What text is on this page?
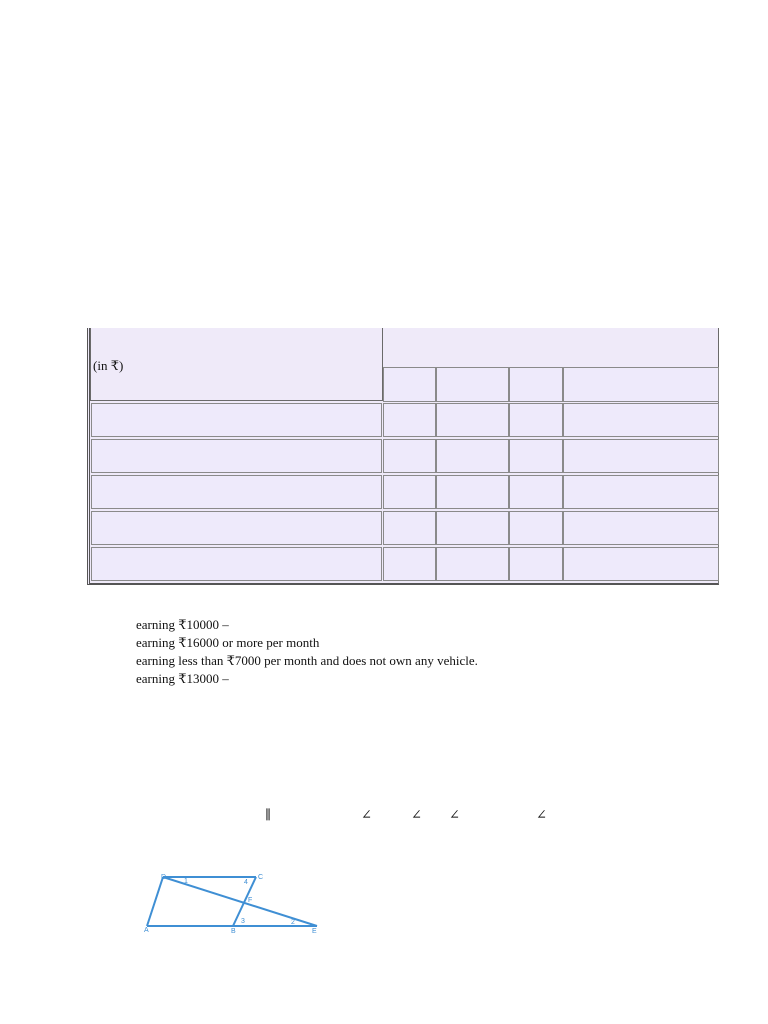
(in ₹)
earning ₹10000 –
earning ₹16000 or more per month
earning less than ₹7000 per month and does not own any vehicle.
earning ₹13000 –
∥	∠	∠ ∠	∠
D	C
A	B	E
F
1
2
3
4
